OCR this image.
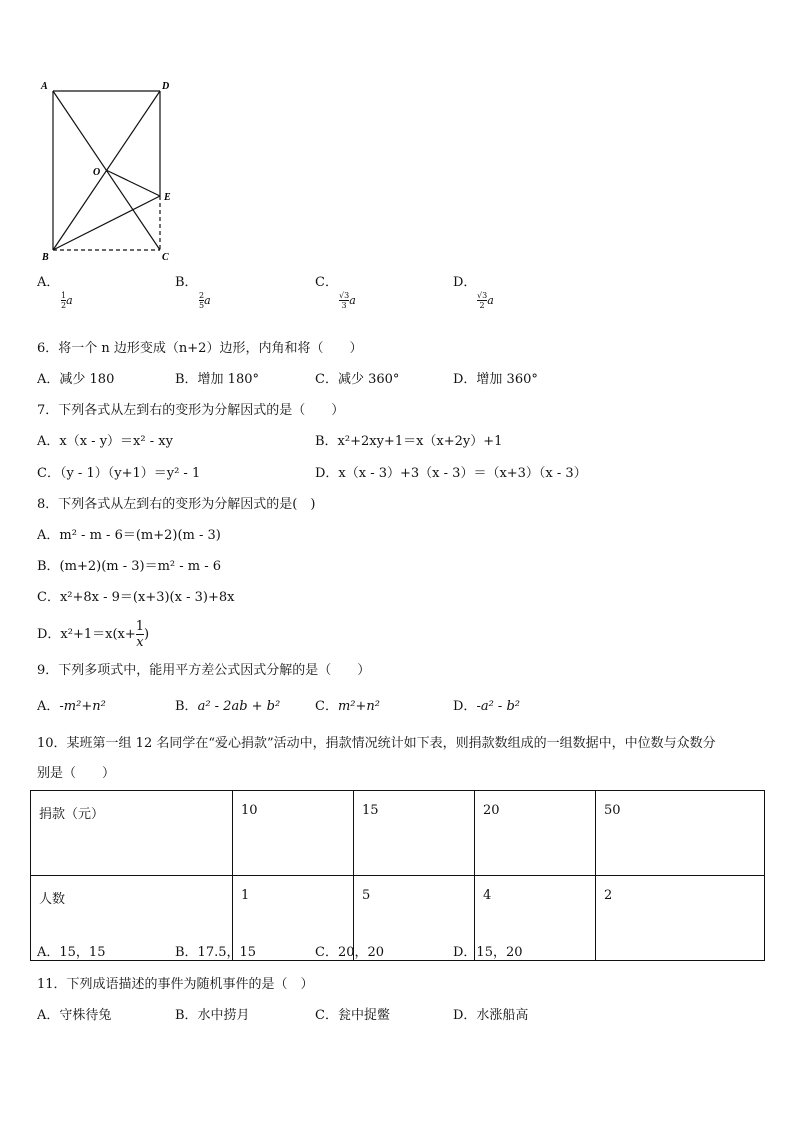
A	D
O
E
B	C
A．
$\frac{1}{2}$ a
B．
$\frac{2}{5}$ a
C．
$\frac{√3}{3}$ a
D．
$\frac{√3}{2}$ a
6．将一个 n 边形变成（n+2）边形，内角和将（　　）
A．减少 180	B．增加 180°	C．减少 360°	D．增加 360°
7．下列各式从左到右的变形为分解因式的是（　　）
A．x（x - y）＝x² - xy	B．x²+2xy+1＝x（x+2y）+1
C．（y - 1）（y+1）＝y² - 1	D．x（x - 3）+3（x - 3）＝（x+3）（x - 3）
8．下列各式从左到右的变形为分解因式的是(　)
A．m² - m - 6＝(m+2)(m - 3)
B．(m+2)(m - 3)＝m² - m - 6
C．x²+8x - 9＝(x+3)(x - 3)+8x
D．$x^2+1=x(x+\frac{1}{x}$ )
9．下列多项式中，能用平方差公式因式分解的是（　　）
A．-m²+n²	B．a² - 2ab + b²	C．m²+n²	D．-a² - b²
10．某班第一组 12 名同学在“爱心捐款”活动中，捐款情况统计如下表，则捐款数组成的一组数据中，中位数与众数分
别是（　　）
捐款（元）	10	15	20	50
人数	1	5	4	2
A．15，15	B．17.5，15	C．20，20	D．15，20
11．下列成语描述的事件为随机事件的是（　）
A．守株待兔	B．水中捞月	C．瓮中捉鳖	D．水涨船高
